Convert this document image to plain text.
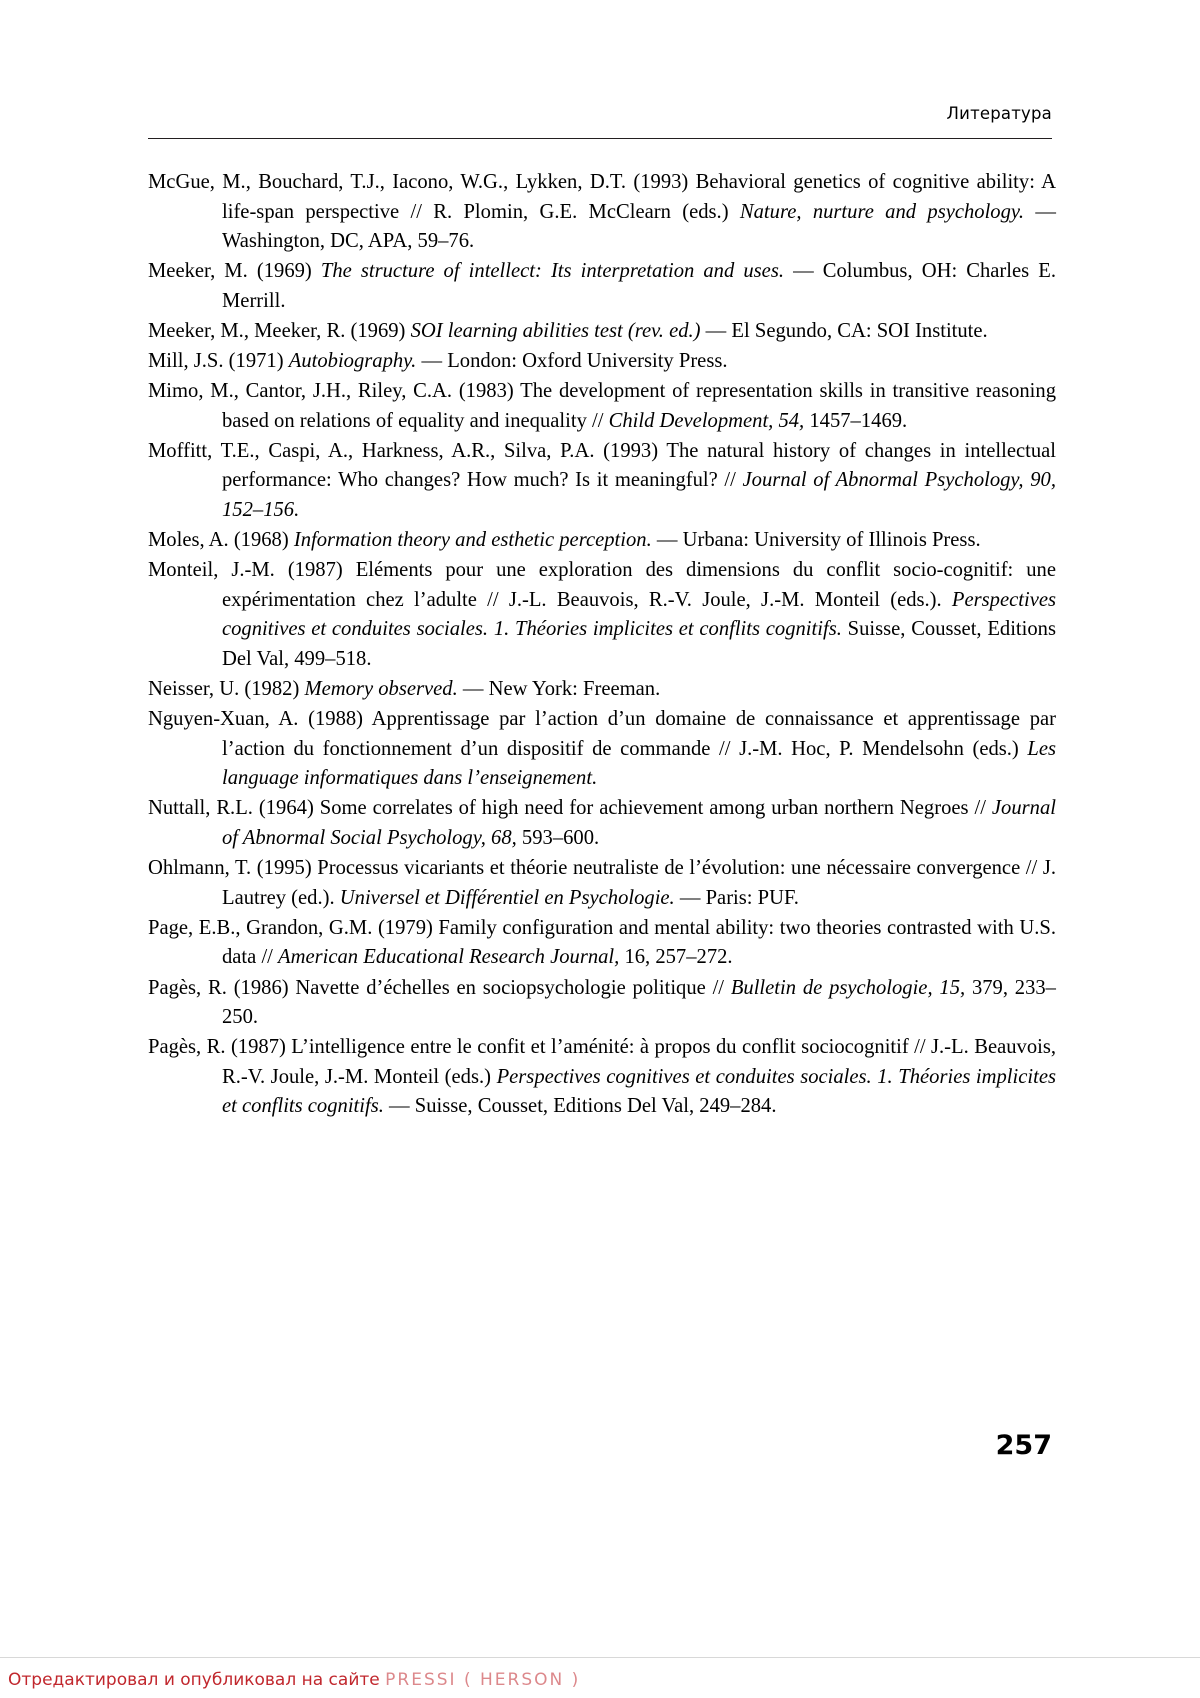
Литература

McGue, M., Bouchard, T.J., Iacono, W.G., Lykken, D.T. (1993) Behavioral genetics of cognitive ability: A life-span perspective // R. Plomin, G.E. McClearn (eds.) Nature, nurture and psychology. — Washington, DC, APA, 59–76.

Meeker, M. (1969) The structure of intellect: Its interpretation and uses. — Columbus, OH: Charles E. Merrill.

Meeker, M., Meeker, R. (1969) SOI learning abilities test (rev. ed.) — El Segundo, CA: SOI Institute.

Mill, J.S. (1971) Autobiography. — London: Oxford University Press.

Mimo, M., Cantor, J.H., Riley, C.A. (1983) The development of representation skills in transitive reasoning based on relations of equality and inequality // Child Development, 54, 1457–1469.

Moffitt, T.E., Caspi, A., Harkness, A.R., Silva, P.A. (1993) The natural history of changes in intellectual performance: Who changes? How much? Is it meaningful? // Journal of Abnormal Psychology, 90, 152–156.

Moles, A. (1968) Information theory and esthetic perception. — Urbana: University of Illinois Press.

Monteil, J.-M. (1987) Eléments pour une exploration des dimensions du conflit socio-cognitif: une expérimentation chez l’adulte // J.-L. Beauvois, R.-V. Joule, J.-M. Monteil (eds.). Perspectives cognitives et conduites sociales. 1. Théories implicites et conflits cognitifs. Suisse, Cousset, Editions Del Val, 499–518.

Neisser, U. (1982) Memory observed. — New York: Freeman.

Nguyen-Xuan, A. (1988) Apprentissage par l’action d’un domaine de connaissance et apprentissage par l’action du fonctionnement d’un dispositif de commande // J.-M. Hoc, P. Mendelsohn (eds.) Les language informatiques dans l’enseignement.

Nuttall, R.L. (1964) Some correlates of high need for achievement among urban northern Negroes // Journal of Abnormal Social Psychology, 68, 593–600.

Ohlmann, T. (1995) Processus vicariants et théorie neutraliste de l’évolution: une nécessaire convergence // J. Lautrey (ed.). Universel et Différentiel en Psychologie. — Paris: PUF.

Page, E.B., Grandon, G.M. (1979) Family configuration and mental ability: two theories contrasted with U.S. data // American Educational Research Journal, 16, 257–272.

Pagès, R. (1986) Navette d’échelles en sociopsychologie politique // Bulletin de psychologie, 15, 379, 233–250.

Pagès, R. (1987) L’intelligence entre le confit et l’aménité: à propos du conflit sociocognitif // J.-L. Beauvois, R.-V. Joule, J.-M. Monteil (eds.) Perspectives cognitives et conduites sociales. 1. Théories implicites et conflits cognitifs. — Suisse, Cousset, Editions Del Val, 249–284.

257
Отредактировал и опубликовал на сайте PRESSI ( HERSON )
